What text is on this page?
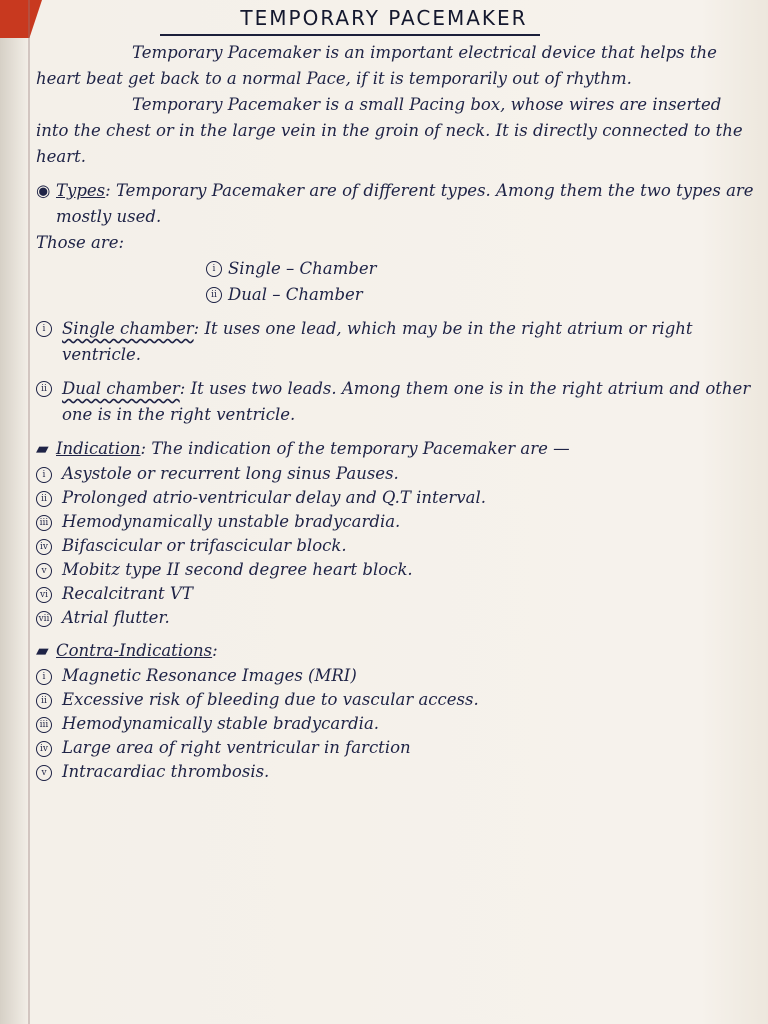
TEMPORARY PACEMAKER

Temporary Pacemaker is an important electrical device that helps the heart beat get back to a normal Pace, if it is temporarily out of rhythm.

Temporary Pacemaker is a small Pacing box, whose wires are inserted into the chest or in the large vein in the groin of neck. It is directly connected to the heart.

◉ Types: Temporary Pacemaker are of different types. Among them the two types are mostly used.

Those are:

i Single – Chamber
ii Dual – Chamber
i	Single chamber: It uses one lead, which may be in the right atrium or right ventricle.

ii Dual chamber: It uses two leads. Among them one is in the right atrium and other one is in the right ventricle.

▰ Indication: The indication of the temporary Pacemaker are —

i	Asystole or recurrent long sinus Pauses.
ii Prolonged atrio-ventricular delay and Q.T interval.
iii Hemodynamically unstable bradycardia.
iv Bifascicular or trifascicular block.
v Mobitz type II second degree heart block.
vi Recalcitrant VT
vii Atrial flutter.
▰ Contra-Indications:

i	Magnetic Resonance Images (MRI)
ii Excessive risk of bleeding due to vascular access.
iii Hemodynamically stable bradycardia.
iv Large area of right ventricular in farction
v Intracardiac thrombosis.
